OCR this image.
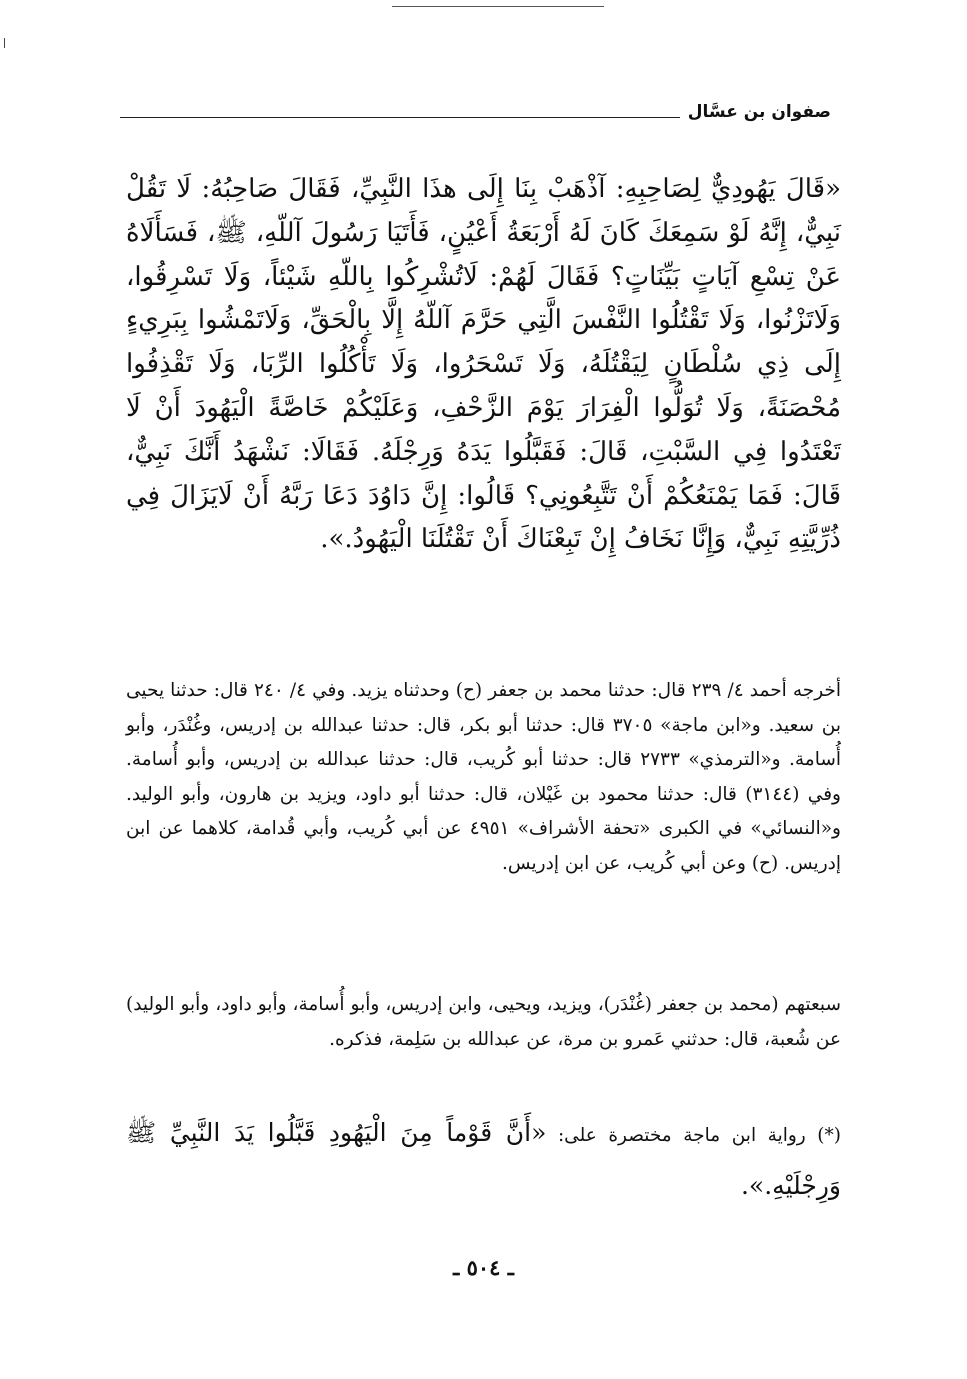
صفوان بن عسَّال

«قَالَ يَهُودِيٌّ لِصَاحِبِهِ: آذْهَبْ بِنَا إِلَى هذَا النَّبِيِّ، فَقَالَ صَاحِبُهُ: لَا تَقُلْ نَبِيٌّ، إِنَّهُ لَوْ سَمِعَكَ كَانَ لَهُ أَرْبَعَةُ أَعْيُنٍ، فَأَتَيَا رَسُولَ آللّهِ، ﷺ، فَسَأَلَاهُ عَنْ تِسْعِ آيَاتٍ بَيِّنَاتٍ؟ فَقَالَ لَهُمْ: لَاتُشْرِكُوا بِاللّهِ شَيْئاً، وَلَا تَسْرِقُوا، وَلَاتَزْنُوا، وَلَا تَقْتُلُوا النَّفْسَ الَّتِي حَرَّمَ آللّهُ إِلَّا بِالْحَقِّ، وَلَاتَمْشُوا بِبَرِيءٍ إِلَى ذِي سُلْطَانٍ لِيَقْتُلَهُ، وَلَا تَسْحَرُوا، وَلَا تَأْكُلُوا الرِّبَا، وَلَا تَقْذِفُوا مُحْصَنَةً، وَلَا تُوَلُّوا الْفِرَارَ يَوْمَ الزَّحْفِ، وَعَلَيْكُمْ خَاصَّةً الْيَهُودَ أَنْ لَا تَعْتَدُوا فِي السَّبْتِ، قَالَ: فَقَبَّلُوا يَدَهُ وَرِجْلَهُ. فَقَالَا: نَشْهَدُ أَنَّكَ نَبِيٌّ، قَالَ: فَمَا يَمْنَعُكُمْ أَنْ تَتَّبِعُونِي؟ قَالُوا: إِنَّ دَاوُدَ دَعَا رَبَّهُ أَنْ لَايَزَالَ فِي ذُرِّيَّتِهِ نَبِيٌّ، وَإِنَّا نَخَافُ إِنْ تَبِعْنَاكَ أَنْ تَقْتُلَنَا الْيَهُودُ.».

أخرجه أحمد ٤/ ٢٣٩ قال: حدثنا محمد بن جعفر (ح) وحدثناه يزيد. وفي ٤/ ٢٤٠ قال: حدثنا يحيى بن سعيد. و«ابن ماجة» ٣٧٠٥ قال: حدثنا أبو بكر، قال: حدثنا عبدالله بن إدريس، وغُنْدَر، وأبو أُسامة. و«الترمذي» ٢٧٣٣ قال: حدثنا أبو كُريب، قال: حدثنا عبدالله بن إدريس، وأبو أُسامة. وفي (٣١٤٤) قال: حدثنا محمود بن غَيْلان، قال: حدثنا أبو داود، ويزيد بن هارون، وأبو الوليد. و«النسائي» في الكبرى «تحفة الأشراف» ٤٩٥١ عن أبي كُريب، وأبي قُدامة، كلاهما عن ابن إدريس. (ح) وعن أبي كُريب، عن ابن إدريس.

سبعتهم (محمد بن جعفر (غُنْدَر)، ويزيد، ويحيى، وابن إدريس، وأبو أُسامة، وأبو داود، وأبو الوليد) عن شُعبة، قال: حدثني عَمرو بن مرة، عن عبدالله بن سَلِمة، فذكره.

(*) رواية ابن ماجة مختصرة على: «أَنَّ قَوْماً مِنَ الْيَهُودِ قَبَّلُوا يَدَ النَّبِيِّ ﷺ وَرِجْلَيْهِ.».

ـ ٥٠٤ ـ
